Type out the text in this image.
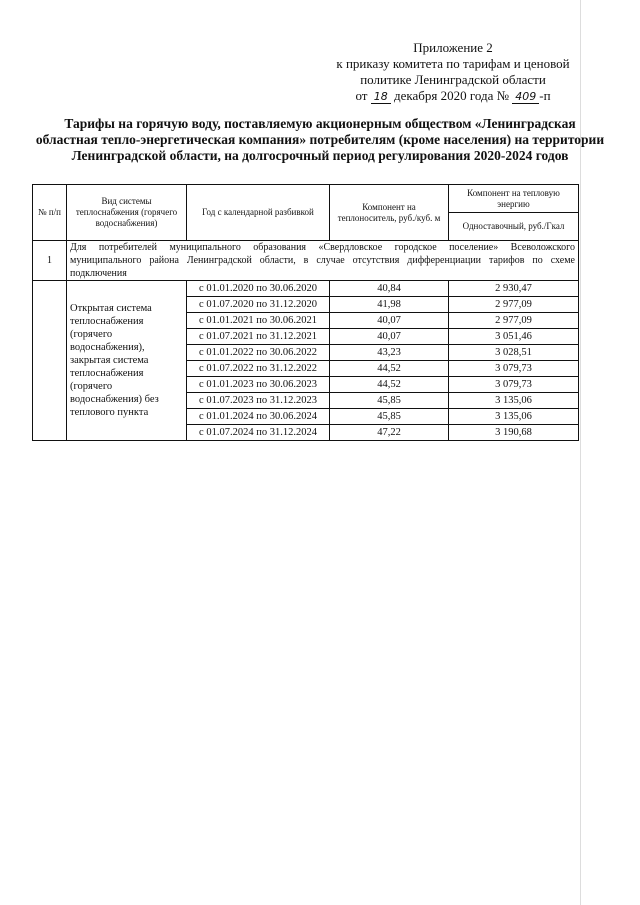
Приложение 2
к приказу комитета по тарифам и ценовой
политике Ленинградской области
от 18 декабря 2020 года № 409 -п
Тарифы на горячую воду, поставляемую акционерным обществом «Ленинградская областная тепло-энергетическая компания» потребителям (кроме населения) на территории Ленинградской области, на долгосрочный период регулирования 2020-2024 годов
№ п/п	Вид системы теплоснабжения (горячего водоснабжения)	Год с календарной разбивкой	Компонент на теплоноситель, руб./куб. м	Компонент на тепловую энергию
				Одноставочный, руб./Гкал
1	Для потребителей муниципального образования «Свердловское городское поселение» Всеволожского муниципального района Ленинградской области, в случае отсутствия дифференциации тарифов по схеме подключения			
	Открытая система теплоснабжения (горячего водоснабжения), закрытая система теплоснабжения (горячего водоснабжения) без теплового пункта	с 01.01.2020 по 30.06.2020	40,84	2 930,47
		с 01.07.2020 по 31.12.2020	41,98	2 977,09
		с 01.01.2021 по 30.06.2021	40,07	2 977,09
		с 01.07.2021 по 31.12.2021	40,07	3 051,46
		с 01.01.2022 по 30.06.2022	43,23	3 028,51
		с 01.07.2022 по 31.12.2022	44,52	3 079,73
		с 01.01.2023 по 30.06.2023	44,52	3 079,73
		с 01.07.2023 по 31.12.2023	45,85	3 135,06
		с 01.01.2024 по 30.06.2024	45,85	3 135,06
		с 01.07.2024 по 31.12.2024	47,22	3 190,68
